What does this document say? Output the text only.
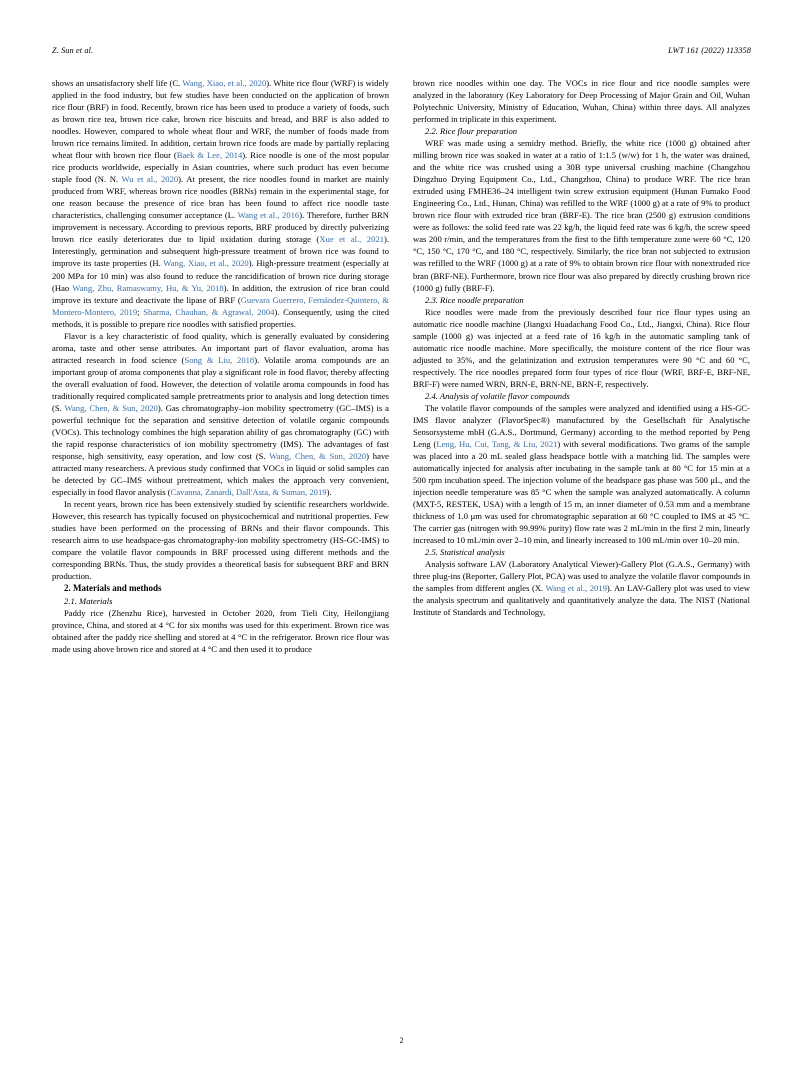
Z. Sun et al.	LWT 161 (2022) 113358

shows an unsatisfactory shelf life (C. Wang, Xiao, et al., 2020). White rice flour (WRF) is widely applied in the food industry, but few studies have been conducted on the application of brown rice flour (BRF) in food. Recently, brown rice has been used to produce a variety of foods, such as brown rice tea, brown rice cake, brown rice biscuits and bread, and BRF is also added to noodles. However, compared to whole wheat flour and WRF, the number of foods made from brown rice remains limited. In addition, certain brown rice foods are made by partially replacing wheat flour with brown rice flour (Baek & Lee, 2014). Rice noodle is one of the most popular rice products worldwide, especially in Asian countries, where such product has even become staple food (N. N. Wu et al., 2020). At present, the rice noodles found in market are mainly produced from WRF, whereas brown rice noodles (BRNs) remain in the experimental stage, for one reason because the presence of rice bran has been found to affect rice noodle taste characteristics, challenging consumer acceptance (L. Wang et al., 2016). Therefore, further BRN improvement is necessary. According to previous reports, BRF produced by directly pulverizing brown rice easily deteriorates due to lipid oxidation during storage (Xue et al., 2021). Interestingly, germination and subsequent high-pressure treatment of brown rice was found to improve its taste properties (H. Wang, Xiao, et al., 2020). High-pressure treatment (especially at 200 MPa for 10 min) was also found to reduce the rancidification of brown rice during storage (Hao Wang, Zhu, Ramaswamy, Hu, & Yu, 2018). In addition, the extrusion of rice bran could improve its texture and deactivate the lipase of BRF (Guevara Guerrero, Fernández-Quintero, & Montero-Montero, 2019; Sharma, Chauhan, & Agrawal, 2004). Consequently, using the cited methods, it is possible to prepare rice noodles with satisfied properties.

Flavor is a key characteristic of food quality, which is generally evaluated by considering aroma, taste and other sense attributes. An important part of flavor evaluation, aroma has attracted research in food science (Song & Liu, 2018). Volatile aroma compounds are an important group of aroma components that play a significant role in food flavor, thereby affecting the overall evaluation of food. However, the detection of volatile aroma compounds in food has traditionally required complicated sample pretreatments prior to analysis and long detection times (S. Wang, Chen, & Sun, 2020). Gas chromatography–ion mobility spectrometry (GC–IMS) is a powerful technique for the separation and sensitive detection of volatile organic compounds (VOCs). This technology combines the high separation ability of gas chromatography (GC) with the rapid response characteristics of ion mobility spectrometry (IMS). The advantages of fast response, high sensitivity, easy operation, and low cost (S. Wang, Chen, & Sun, 2020) have attracted many researchers. A previous study confirmed that VOCs in liquid or solid samples can be detected by GC–IMS without pretreatment, which makes the approach very convenient, especially in food flavor analysis (Cavanna, Zanardi, Dall'Asta, & Suman, 2019).

In recent years, brown rice has been extensively studied by scientific researchers worldwide. However, this research has typically focused on physicochemical and nutritional properties. Few studies have been performed on the processing of BRNs and their flavor compounds. This research aims to use headspace-gas chromatography-ion mobility spectrometry (HS-GC-IMS) to compare the volatile flavor compounds in BRF processed using different methods and the corresponding BRNs. Thus, the study provides a theoretical basis for subsequent BRF and BRN production.

2. Materials and methods

2.1. Materials

Paddy rice (Zhenzhu Rice), harvested in October 2020, from Tieli City, Heilongjiang province, China, and stored at 4 °C for six months was used for this experiment. Brown rice was obtained after the paddy rice shelling and stored at 4 °C in the refrigerator. Brown rice flour was made using above brown rice and stored at 4 °C and then used it to produce

brown rice noodles within one day. The VOCs in rice flour and rice noodle samples were analyzed in the laboratory (Key Laboratory for Deep Processing of Major Grain and Oil, Wuhan Polytechnic University, Ministry of Education, Wuhan, China) within three days. All analyzes performed in triplicate in this experiment.

2.2. Rice flour preparation

WRF was made using a semidry method. Briefly, the white rice (1000 g) obtained after milling brown rice was soaked in water at a ratio of 1:1.5 (w/w) for 1 h, the water was drained, and the white rice was crushed using a 30B type universal crushing machine (Changzhou Dingzhuo Drying Equipment Co., Ltd., Changzhou, China) to produce WRF. The rice bran extruded using FMHE36–24 intelligent twin screw extrusion equipment (Hunan Fumako Food Engineering Co., Ltd., Hunan, China) was refilled to the WRF (1000 g) at a rate of 9% to product brown rice flour with extruded rice bran (BRF-E). The rice bran (2500 g) extrusion conditions were as follows: the solid feed rate was 22 kg/h, the liquid feed rate was 6 kg/h, the screw speed was 200 r/min, and the temperatures from the first to the fifth temperature zone were 60 °C, 120 °C, 150 °C, 170 °C, and 180 °C, respectively. Similarly, the rice bran not subjected to extrusion was refilled to the WRF (1000 g) at a rate of 9% to obtain brown rice flour with nonextruded rice bran (BRF-NE). Furthermore, brown rice flour was also prepared by directly crushing brown rice (1000 g) fully (BRF-F).

2.3. Rice noodle preparation

Rice noodles were made from the previously described four rice flour types using an automatic rice noodle machine (Jiangxi Huadachang Food Co., Ltd., Jiangxi, China). Rice flour sample (1000 g) was injected at a feed rate of 16 kg/h in the automatic sampling tank of automatic rice noodle machine. More specifically, the moisture content of the rice flour was adjusted to 35%, and the gelatinization and extrusion temperatures were 90 °C and 60 °C, respectively. The rice noodles prepared form four types of rice flour (WRF, BRF-E, BRF-NE, BRF-F) were named WRN, BRN-E, BRN-NE, BRN-F, respectively.

2.4. Analysis of volatile flavor compounds

The volatile flavor compounds of the samples were analyzed and identified using a HS-GC-IMS flavor analyzer (FlavorSpec®) manufactured by the Gesellschaft für Analytische Sensorsysteme mbH (G.A.S., Dortmund, Germany) according to the method reported by Peng Leng (Leng, Hu, Cui, Tang, & Liu, 2021) with several modifications. Two grams of the sample was placed into a 20 mL sealed glass headspace bottle with a matching lid. The samples were automatically injected for analysis after incubating in the sample tank at 80 °C for 15 min at a 500 rpm incubation speed. The injection volume of the headspace gas phase was 500 μL, and the injection needle temperature was 85 °C when the sample was analyzed automatically. A column (MXT-5, RESTEK, USA) with a length of 15 m, an inner diameter of 0.53 mm and a membrane thickness of 1.0 μm was used for chromatographic separation at 60 °C coupled to IMS at 45 °C. The carrier gas (nitrogen with 99.99% purity) flow rate was 2 mL/min in the first 2 min, linearly increased to 10 mL/min over 2–10 min, and linearly increased to 100 mL/min over 10–20 min.

2.5. Statistical analysis

Analysis software LAV (Laboratory Analytical Viewer)-Gallery Plot (G.A.S., Germany) with three plug-ins (Reporter, Gallery Plot, PCA) was used to analyze the volatile flavor compounds in the samples from different angles (X. Wang et al., 2019). An LAV-Gallery plot was used to view the analysis spectrum and qualitatively and quantitatively analyze the data. The NIST (National Institute of Standards and Technology,

2
